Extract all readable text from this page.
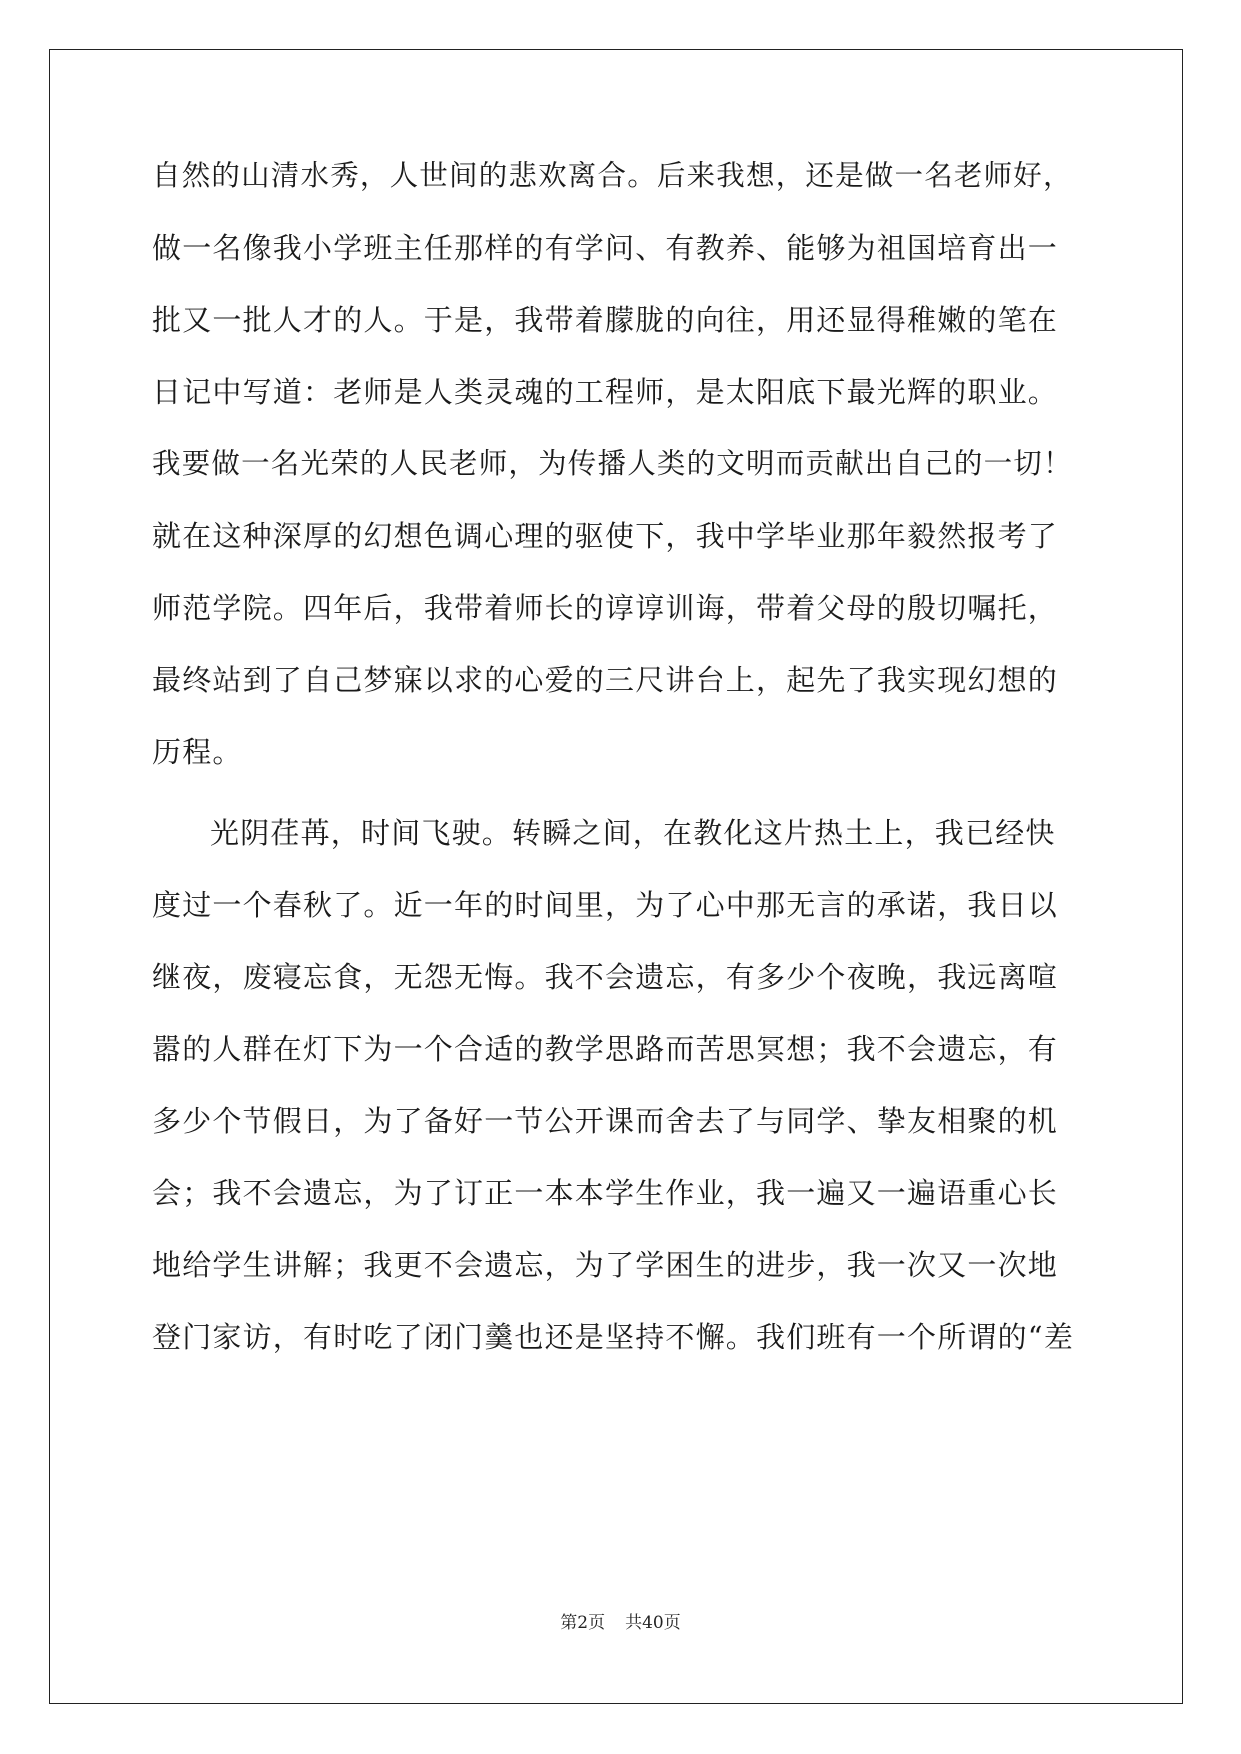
自然的山清水秀，人世间的悲欢离合。后来我想，还是做一名老师好，
做一名像我小学班主任那样的有学问、有教养、能够为祖国培育出一
批又一批人才的人。于是，我带着朦胧的向往，用还显得稚嫩的笔在
日记中写道：老师是人类灵魂的工程师，是太阳底下最光辉的职业。
我要做一名光荣的人民老师，为传播人类的文明而贡献出自己的一切！
就在这种深厚的幻想色调心理的驱使下，我中学毕业那年毅然报考了
师范学院。四年后，我带着师长的谆谆训诲，带着父母的殷切嘱托，
最终站到了自己梦寐以求的心爱的三尺讲台上，起先了我实现幻想的
历程。
光阴荏苒，时间飞驶。转瞬之间，在教化这片热土上，我已经快
度过一个春秋了。近一年的时间里，为了心中那无言的承诺，我日以
继夜，废寝忘食，无怨无悔。我不会遗忘，有多少个夜晚，我远离喧
嚣的人群在灯下为一个合适的教学思路而苦思冥想；我不会遗忘，有
多少个节假日，为了备好一节公开课而舍去了与同学、挚友相聚的机
会；我不会遗忘，为了订正一本本学生作业，我一遍又一遍语重心长
地给学生讲解；我更不会遗忘，为了学困生的进步，我一次又一次地
登门家访，有时吃了闭门羹也还是坚持不懈。我们班有一个所谓的“差
第2页 共40页
